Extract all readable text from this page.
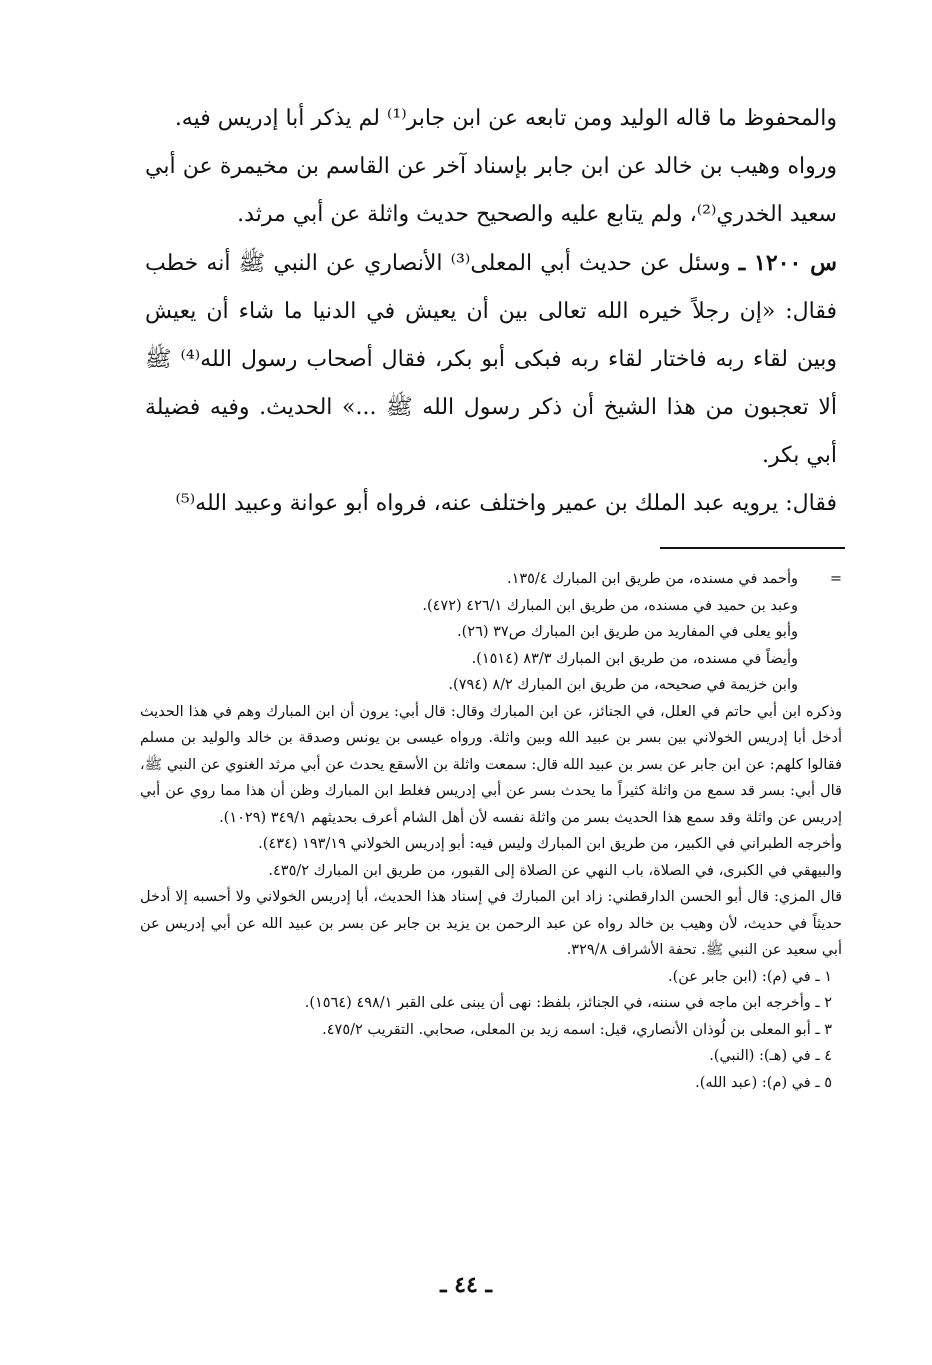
والمحفوظ ما قاله الوليد ومن تابعه عن ابن جابر⁽¹⁾ لم يذكر أبا إدريس فيه.

ورواه وهيب بن خالد عن ابن جابر بإسناد آخر عن القاسم بن مخيمرة عن أبي سعيد الخدري⁽²⁾، ولم يتابع عليه والصحيح حديث واثلة عن أبي مرثد.

س ١٢٠٠ ـ وسئل عن حديث أبي المعلى⁽³⁾ الأنصاري عن النبي ﷺ أنه خطب فقال: «إن رجلاً خيره الله تعالى بين أن يعيش في الدنيا ما شاء أن يعيش وبين لقاء ربه فاختار لقاء ربه فبكى أبو بكر، فقال أصحاب رسول الله⁽⁴⁾ ﷺ ألا تعجبون من هذا الشيخ أن ذكر رسول الله ﷺ ...» الحديث. وفيه فضيلة أبي بكر.

فقال: يرويه عبد الملك بن عمير واختلف عنه، فرواه أبو عوانة وعبيد الله⁽⁵⁾

=

وأحمد في مسنده، من طريق ابن المبارك ١٣٥/٤.

وعبد بن حميد في مسنده، من طريق ابن المبارك ٤٢٦/١ (٤٧٢).

وأبو يعلى في المفاريد من طريق ابن المبارك ص٣٧ (٢٦).

وأيضاً في مسنده، من طريق ابن المبارك ٨٣/٣ (١٥١٤).

وابن خزيمة في صحيحه، من طريق ابن المبارك ٨/٢ (٧٩٤).

وذكره ابن أبي حاتم في العلل، في الجنائز، عن ابن المبارك وقال: قال أبي: يرون أن ابن المبارك وهم في هذا الحديث أدخل أبا إدريس الخولاني بين بسر بن عبيد الله وبين واثلة. ورواه عيسى بن يونس وصدقة بن خالد والوليد بن مسلم فقالوا كلهم: عن ابن جابر عن بسر بن عبيد الله قال: سمعت واثلة بن الأسقع يحدث عن أبي مرثد الغنوي عن النبي ﷺ، قال أبي: بسر قد سمع من واثلة كثيراً ما يحدث بسر عن أبي إدريس فغلط ابن المبارك وظن أن هذا مما روي عن أبي إدريس عن واثلة وقد سمع هذا الحديث بسر من واثلة نفسه لأن أهل الشام أعرف بحديثهم ٣٤٩/١ (١٠٢٩).

وأخرجه الطبراني في الكبير، من طريق ابن المبارك وليس فيه: أبو إدريس الخولاني ١٩٣/١٩ (٤٣٤).

والبيهقي في الكبرى، في الصلاة، باب النهي عن الصلاة إلى القبور، من طريق ابن المبارك ٤٣٥/٢.

قال المزي: قال أبو الحسن الدارقطني: زاد ابن المبارك في إسناد هذا الحديث، أبا إدريس الخولاني ولا أحسبه إلا أدخل حديثاً في حديث، لأن وهيب بن خالد رواه عن عبد الرحمن بن يزيد بن جابر عن بسر بن عبيد الله عن أبي إدريس عن أبي سعيد عن النبي ﷺ. تحفة الأشراف ٣٢٩/٨.

١ ـ في (م): (ابن جابر عن).

٢ ـ وأخرجه ابن ماجه في سننه، في الجنائز، بلفظ: نهى أن يبنى على القبر ٤٩٨/١ (١٥٦٤).

٣ ـ أبو المعلى بن لُوذان الأنصاري، قيل: اسمه زيد بن المعلى، صحابي. التقريب ٤٧٥/٢.

٤ ـ في (هـ): (النبي).

٥ ـ في (م): (عبد الله).

ـ ٤٤ ـ
